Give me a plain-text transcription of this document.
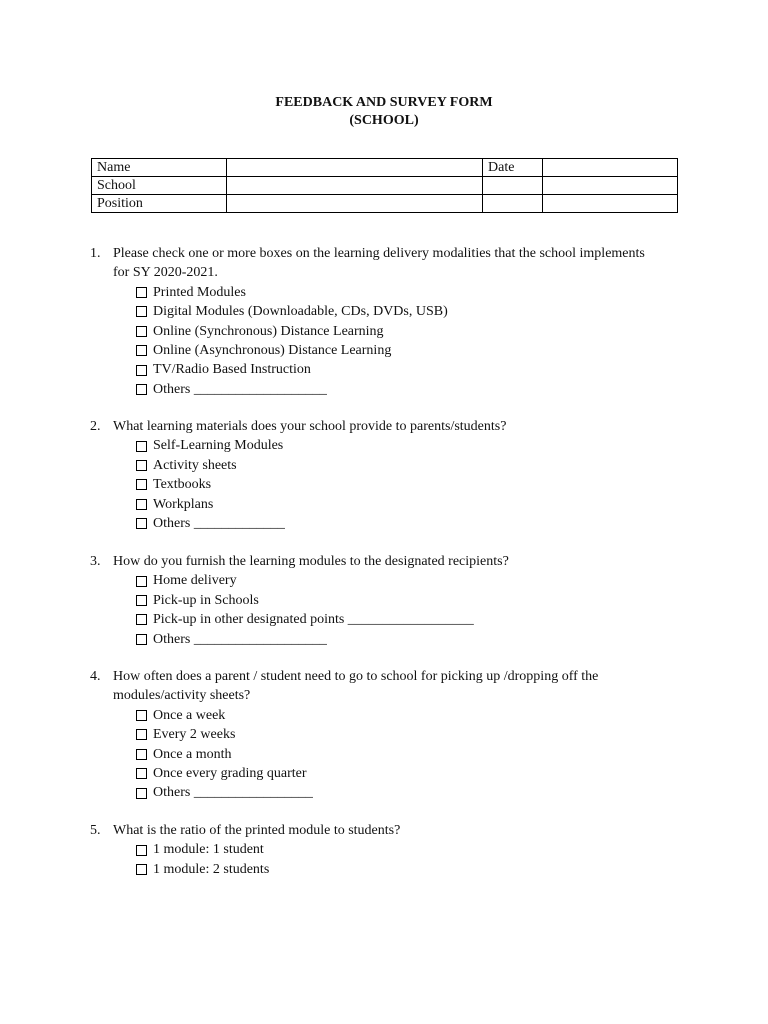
FEEDBACK AND SURVEY FORM
(SCHOOL)
Name		Date	
School			
Position			
1. Please check one or more boxes on the learning delivery modalities that the school implements for SY 2020-2021.
Printed Modules
Digital Modules (Downloadable, CDs, DVDs, USB)
Online (Synchronous) Distance Learning
Online (Asynchronous) Distance Learning
TV/Radio Based Instruction
Others ___________________
2. What learning materials does your school provide to parents/students?
Self-Learning Modules
Activity sheets
Textbooks
Workplans
Others _____________
3. How do you furnish the learning modules to the designated recipients?
Home delivery
Pick-up in Schools
Pick-up in other designated points __________________
Others ___________________
4. How often does a parent / student need to go to school for picking up /dropping off the modules/activity sheets?
Once a week
Every 2 weeks
Once a month
Once every grading quarter
Others _________________
5. What is the ratio of the printed module to students?
1 module: 1 student
1 module: 2 students
